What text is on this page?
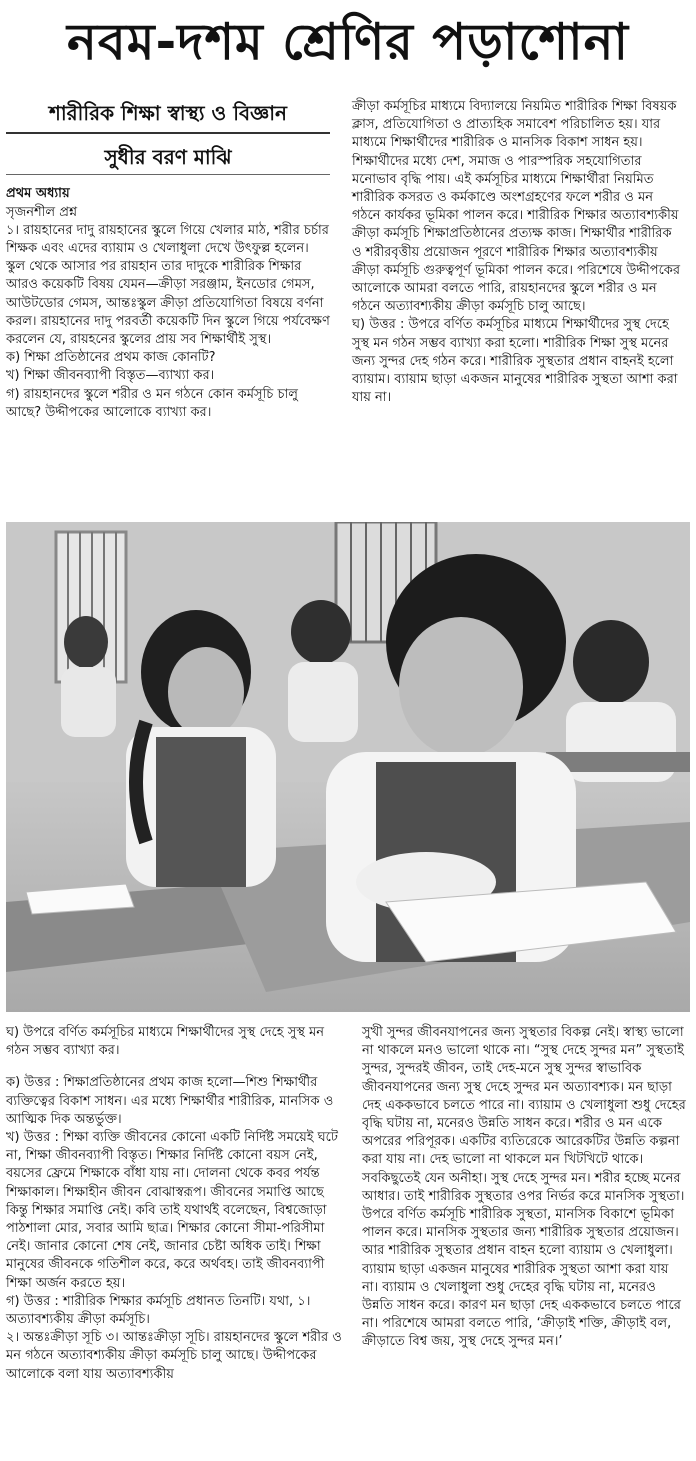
নবম-দশম শ্রেণির পড়াশোনা
শারীরিক শিক্ষা স্বাস্থ্য ও বিজ্ঞান
সুধীর বরণ মাঝি

প্রথম অধ্যায়

সৃজনশীল প্রশ্ন

১। রায়হানের দাদু রায়হানের স্কুলে গিয়ে খেলার মাঠ, শরীর চর্চার শিক্ষক এবং এদের ব্যায়াম ও খেলাধুলা দেখে উৎফুল্ল হলেন। স্কুল থেকে আসার পর রায়হান তার দাদুকে শারীরিক শিক্ষার আরও কয়েকটি বিষয় যেমন—ক্রীড়া সরঞ্জাম, ইনডোর গেমস, আউটডোর গেমস, আন্তঃস্কুল ক্রীড়া প্রতিযোগিতা বিষয়ে বর্ণনা করল। রায়হানের দাদু পরবর্তী কয়েকটি দিন স্কুলে গিয়ে পর্যবেক্ষণ করলেন যে, রায়হনের স্কুলের প্রায় সব শিক্ষার্থীই সুস্থ।

ক) শিক্ষা প্রতিষ্ঠানের প্রথম কাজ কোনটি?

খ) শিক্ষা জীবনব্যাপী বিস্তৃত—ব্যাখ্যা কর।

গ) রায়হানদের স্কুলে শরীর ও মন গঠনে কোন কর্মসূচি চালু আছে? উদ্দীপকের আলোকে ব্যাখ্যা কর।

ক্রীড়া কর্মসূচির মাধ্যমে বিদ্যালয়ে নিয়মিত শারীরিক শিক্ষা বিষয়ক ক্লাস, প্রতিযোগিতা ও প্রাত্যহিক সমাবেশ পরিচালিত হয়। যার মাধ্যমে শিক্ষার্থীদের শারীরিক ও মানসিক বিকাশ সাধন হয়। শিক্ষার্থীদের মধ্যে দেশ, সমাজ ও পারস্পরিক সহযোগিতার মনোভাব বৃদ্ধি পায়। এই কর্মসূচির মাধ্যমে শিক্ষার্থীরা নিয়মিত শারীরিক কসরত ও কর্মকাণ্ডে অংশগ্রহণের ফলে শরীর ও মন গঠনে কার্যকর ভূমিকা পালন করে। শারীরিক শিক্ষার অত্যাবশ্যকীয় ক্রীড়া কর্মসূচি শিক্ষাপ্রতিষ্ঠানের প্রত্যক্ষ কাজ। শিক্ষার্থীর শারীরিক ও শরীরবৃত্তীয় প্রয়োজন পূরণে শারীরিক শিক্ষার অত্যাবশ্যকীয় ক্রীড়া কর্মসূচি গুরুত্বপূর্ণ ভূমিকা পালন করে। পরিশেষে উদ্দীপকের আলোকে আমরা বলতে পারি, রায়হানদের স্কুলে শরীর ও মন গঠনে অত্যাবশ্যকীয় ক্রীড়া কর্মসূচি চালু আছে।

ঘ) উত্তর : উপরে বর্ণিত কর্মসূচির মাধ্যমে শিক্ষার্থীদের সুস্থ দেহে সুস্থ মন গঠন সম্ভব ব্যাখ্যা করা হলো। শারীরিক শিক্ষা সুস্থ মনের জন্য সুন্দর দেহ গঠন করে। শারীরিক সুস্থতার প্রধান বাহনই হলো ব্যায়াম। ব্যায়াম ছাড়া একজন মানুষের শারীরিক সুস্থতা আশা করা যায় না।

ঘ) উপরে বর্ণিত কর্মসূচির মাধ্যমে শিক্ষার্থীদের সুস্থ দেহে সুস্থ মন গঠন সম্ভব ব্যাখ্যা কর।

ক) উত্তর : শিক্ষাপ্রতিষ্ঠানের প্রথম কাজ হলো—শিশু শিক্ষার্থীর ব্যক্তিত্বের বিকাশ সাধন। এর মধ্যে শিক্ষার্থীর শারীরিক, মানসিক ও আত্মিক দিক অন্তর্ভুক্ত।

খ) উত্তর : শিক্ষা ব্যক্তি জীবনের কোনো একটি নির্দিষ্ট সময়েই ঘটে না, শিক্ষা জীবনব্যাপী বিস্তৃত। শিক্ষার নির্দিষ্ট কোনো বয়স নেই, বয়সের ফ্রেমে শিক্ষাকে বাঁধা যায় না। দোলনা থেকে কবর পর্যন্ত শিক্ষাকাল। শিক্ষাহীন জীবন বোঝাস্বরূপ। জীবনের সমাপ্তি আছে কিন্তু শিক্ষার সমাপ্তি নেই। কবি তাই যথার্থই বলেছেন, বিশ্বজোড়া পাঠশালা মোর, সবার আমি ছাত্র। শিক্ষার কোনো সীমা-পরিসীমা নেই। জানার কোনো শেষ নেই, জানার চেষ্টা অধিক তাই। শিক্ষা মানুষের জীবনকে গতিশীল করে, করে অর্থবহ। তাই জীবনব্যাপী শিক্ষা অর্জন করতে হয়।

গ) উত্তর : শারীরিক শিক্ষার কর্মসূচি প্রধানত তিনটি। যথা, ১। অত্যাবশ্যকীয় ক্রীড়া কর্মসূচি।

২। অন্তঃক্রীড়া সূচি ৩। আন্তঃক্রীড়া সূচি। রায়হানদের স্কুলে শরীর ও মন গঠনে অত্যাবশ্যকীয় ক্রীড়া কর্মসূচি চালু আছে। উদ্দীপকের আলোকে বলা যায় অত্যাবশ্যকীয়

সুখী সুন্দর জীবনযাপনের জন্য সুস্থতার বিকল্প নেই। স্বাস্থ্য ভালো না থাকলে মনও ভালো থাকে না। “সুস্থ দেহে সুন্দর মন” সুস্থতাই সুন্দর, সুন্দরই জীবন, তাই দেহ-মনে সুস্থ সুন্দর স্বাভাবিক জীবনযাপনের জন্য সুস্থ দেহে সুন্দর মন অত্যাবশ্যক। মন ছাড়া দেহ এককভাবে চলতে পারে না। ব্যায়াম ও খেলাধুলা শুধু দেহের বৃদ্ধি ঘটায় না, মনেরও উন্নতি সাধন করে। শরীর ও মন একে অপরের পরিপূরক। একটির ব্যতিরেকে আরেকটির উন্নতি কল্পনা করা যায় না। দেহ ভালো না থাকলে মন খিটখিটে থাকে। সবকিছুতেই যেন অনীহা। সুস্থ দেহে সুন্দর মন। শরীর হচ্ছে মনের আধার। তাই শারীরিক সুস্থতার ওপর নির্ভর করে মানসিক সুস্থতা। উপরে বর্ণিত কর্মসূচি শারীরিক সুস্থতা, মানসিক বিকাশে ভূমিকা পালন করে। মানসিক সুস্থতার জন্য শারীরিক সুস্থতার প্রয়োজন। আর শারীরিক সুস্থতার প্রধান বাহন হলো ব্যায়াম ও খেলাধুলা। ব্যায়াম ছাড়া একজন মানুষের শারীরিক সুস্থতা আশা করা যায় না। ব্যায়াম ও খেলাধুলা শুধু দেহের বৃদ্ধি ঘটায় না, মনেরও উন্নতি সাধন করে। কারণ মন ছাড়া দেহ এককভাবে চলতে পারে না। পরিশেষে আমরা বলতে পারি, ‘ক্রীড়াই শক্তি, ক্রীড়াই বল, ক্রীড়াতে বিশ্ব জয়, সুস্থ দেহে সুন্দর মন।’
